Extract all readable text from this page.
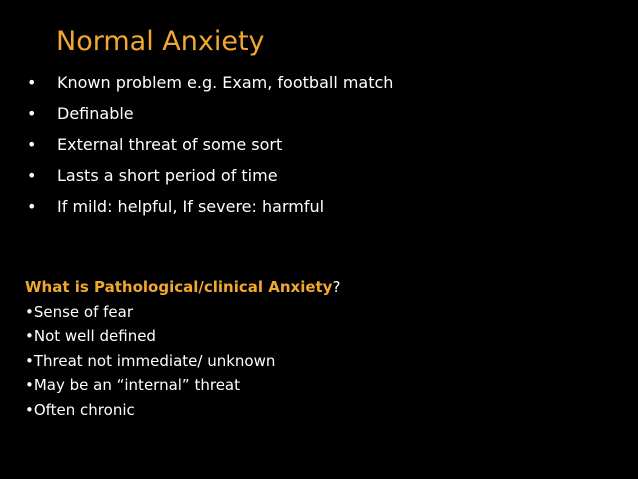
Normal Anxiety
• Known problem e.g. Exam, football match
• Definable
• External threat of some sort
• Lasts a short period of time
• If mild: helpful, If severe: harmful
What is Pathological/clinical Anxiety?
•Sense of fear
•Not well defined
•Threat not immediate/ unknown
•May be an “internal” threat
•Often chronic
